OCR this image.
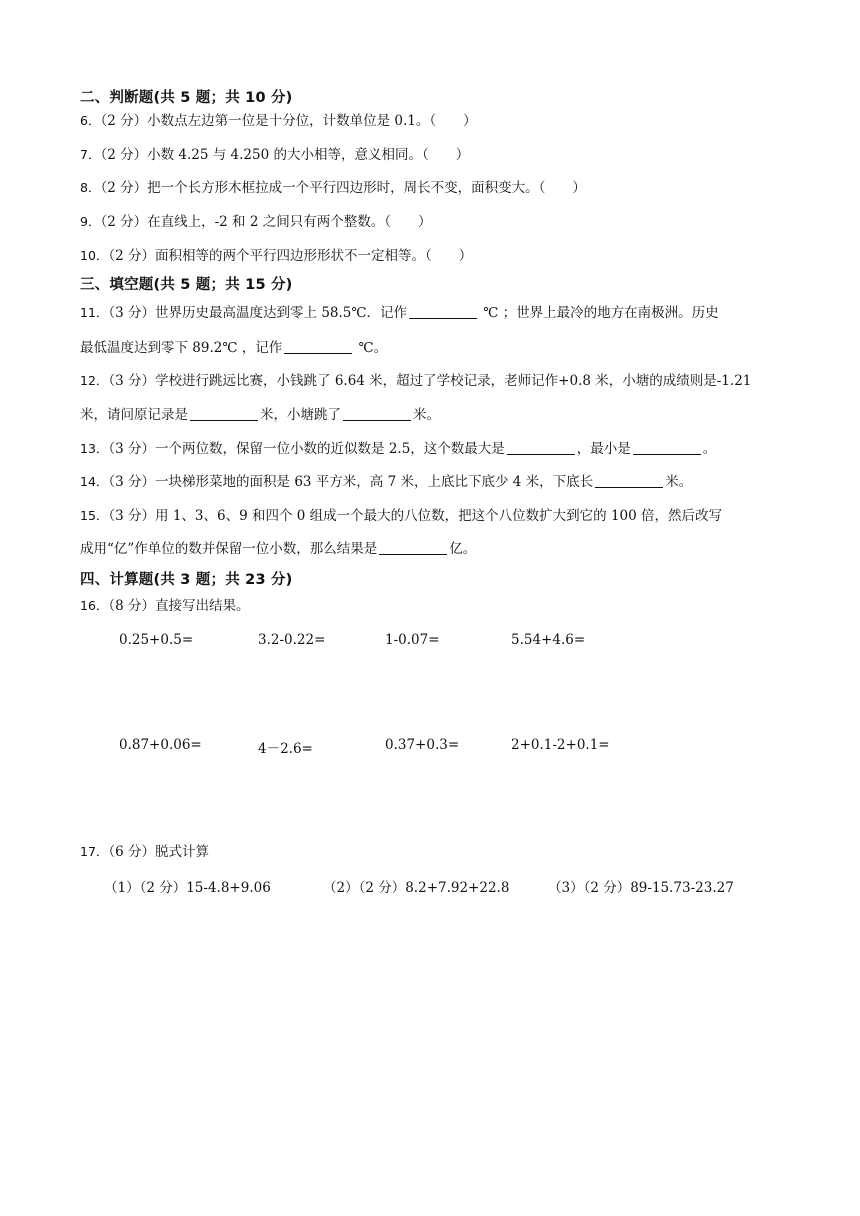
二、判断题(共 5 题；共 10 分)
6．（2 分）小数点左边第一位是十分位，计数单位是 0.1。（　　）
7．（2 分）小数 4.25 与 4.250 的大小相等，意义相同。（　　）
8．（2 分）把一个长方形木框拉成一个平行四边形时，周长不变，面积变大。（　　）
9．（2 分）在直线上，-2 和 2 之间只有两个整数。（　　）
10．（2 分）面积相等的两个平行四边形形状不一定相等。（　　）
三、填空题(共 5 题；共 15 分)
11．（3 分）世界历史最高温度达到零上 58.5℃．记作	℃ ；世界上最冷的地方在南极洲。历史
最低温度达到零下 89.2℃ ，记作	℃。
12．（3 分）学校进行跳远比赛，小钱跳了 6.64 米，超过了学校记录，老师记作+0.8 米，小塘的成绩则是-1.21
米，请问原记录是	米，小塘跳了	米。
13．（3 分）一个两位数，保留一位小数的近似数是 2.5，这个数最大是	，最小是	。
14．（3 分）一块梯形菜地的面积是 63 平方米，高 7 米，上底比下底少 4 米，下底长	米。
15．（3 分）用 1、3、6、9 和四个 0 组成一个最大的八位数，把这个八位数扩大到它的 100 倍，然后改写
成用“亿”作单位的数并保留一位小数，那么结果是	亿。
四、计算题(共 3 题；共 23 分)
16．（8 分）直接写出结果。
0.25+0.5=	3.2-0.22=	1-0.07=	5.54+4.6=
0.87+0.06=	4－2.6=	0.37+0.3=	2+0.1-2+0.1=
17．（6 分）脱式计算
（1）（2 分）15-4.8+9.06	（2）（2 分）8.2+7.92+22.8	（3）（2 分）89-15.73-23.27
